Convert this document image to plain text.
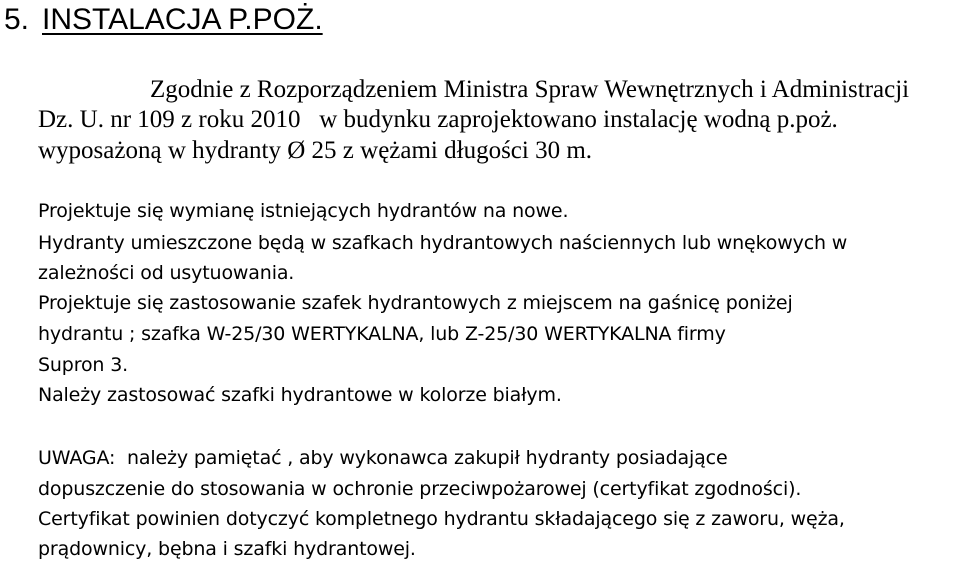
5. INSTALACJA P.POŻ.

Zgodnie z Rozporządzeniem Ministra Spraw Wewnętrznych i Administracji

Dz. U. nr 109 z roku 2010   w budynku zaprojektowano instalację wodną p.poż.

wyposażoną w hydranty Ø 25 z wężami długości 30 m.

Projektuje się wymianę istniejących hydrantów na nowe.

Hydranty umieszczone będą w szafkach hydrantowych naściennych lub wnękowych w

zależności od usytuowania.

Projektuje się zastosowanie szafek hydrantowych z miejscem na gaśnicę poniżej

hydrantu ; szafka W-25/30 WERTYKALNA, lub Z-25/30 WERTYKALNA firmy

Supron 3.

Należy zastosować szafki hydrantowe w kolorze białym.

UWAGA:  należy pamiętać , aby wykonawca zakupił hydranty posiadające

dopuszczenie do stosowania w ochronie przeciwpożarowej (certyfikat zgodności).

Certyfikat powinien dotyczyć kompletnego hydrantu składającego się z zaworu, węża,

prądownicy, bębna i szafki hydrantowej.
